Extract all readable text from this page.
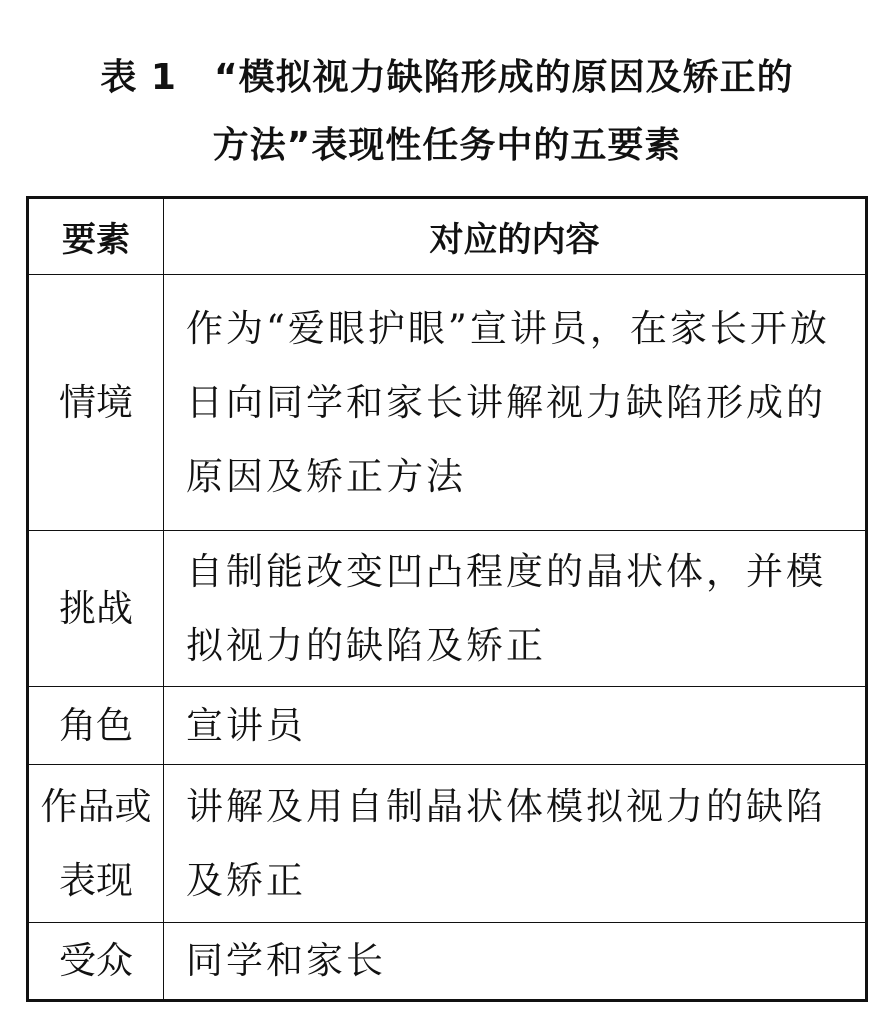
表 1　“模拟视力缺陷形成的原因及矫正的
方法”表现性任务中的五要素
要素	对应的内容
情境	作为“爱眼护眼”宣讲员，在家长开放日向同学和家长讲解视力缺陷形成的原因及矫正方法
挑战	自制能改变凹凸程度的晶状体，并模拟视力的缺陷及矫正
角色	宣讲员
作品或表现	讲解及用自制晶状体模拟视力的缺陷及矫正
受众	同学和家长
